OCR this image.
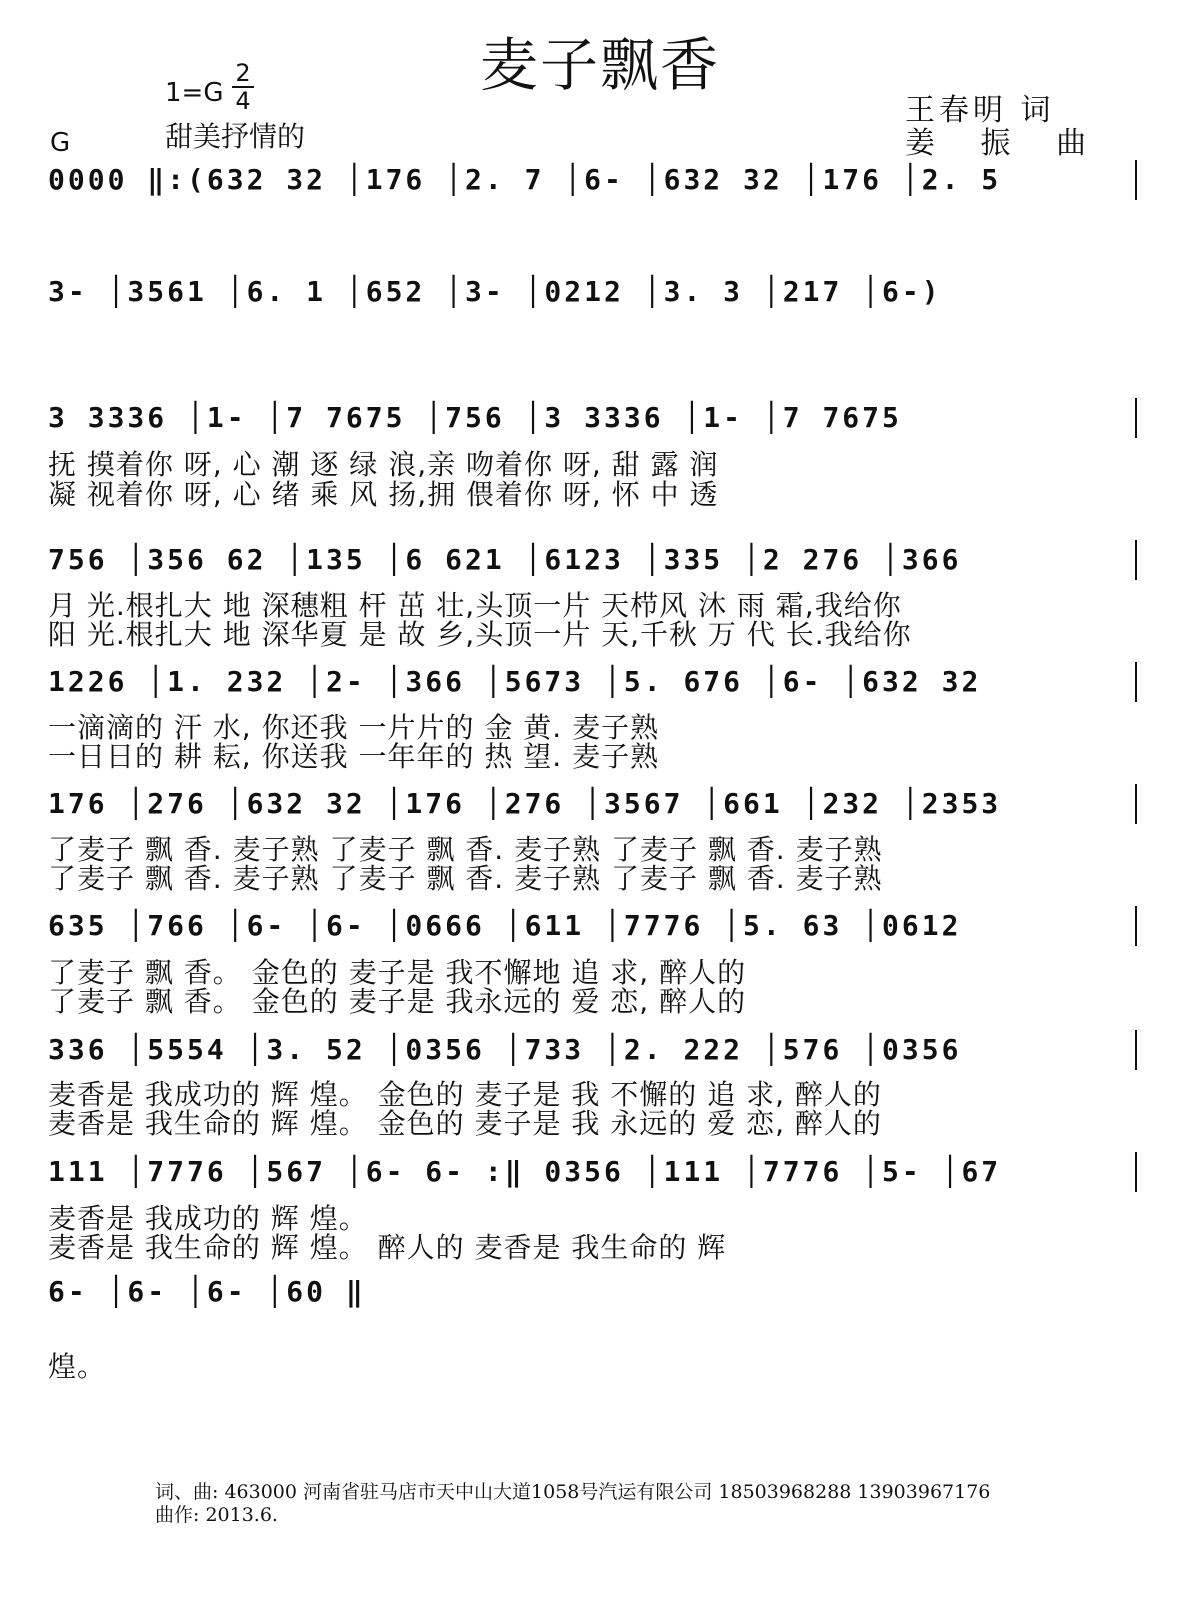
麦子飘香
$1=G \frac{2}{4}$
G	甜美抒情的
王春明 词
姜 振 曲
0000 ‖:(632 32 │176 │2. 7 │6- │632 32 │176 │2. 5
3- │3561 │6. 1 │652 │3- │0212 │3. 3 │217 │6-)
3 3336 │1- │7 7675 │756 │3 3336 │1- │7 7675
抚 摸着你 呀, 心 潮 逐 绿 浪,亲 吻着你 呀, 甜 露 润
凝 视着你 呀, 心 绪 乘 风 扬,拥 偎着你 呀, 怀 中 透
756 │356 62 │135 │6 621 │6123 │335 │2 276 │366
月 光.根扎大 地 深穗粗 杆 茁 壮,头顶一片 天栉风 沐 雨 霜,我给你
阳 光.根扎大 地 深华夏 是 故 乡,头顶一片 天,千秋 万 代 长.我给你
1226 │1. 232 │2- │366 │5673 │5. 676 │6- │632 32
一滴滴的 汗 水, 你还我 一片片的 金 黄. 麦子熟
一日日的 耕 耘, 你送我 一年年的 热 望. 麦子熟
176 │276 │632 32 │176 │276 │3567 │661 │232 │2353
了麦子 飘 香. 麦子熟 了麦子 飘 香. 麦子熟 了麦子 飘 香. 麦子熟
了麦子 飘 香. 麦子熟 了麦子 飘 香. 麦子熟 了麦子 飘 香. 麦子熟
635 │766 │6- │6- │0666 │611 │7776 │5. 63 │0612
了麦子 飘 香。 金色的 麦子是 我不懈地 追 求, 醉人的
了麦子 飘 香。 金色的 麦子是 我永远的 爱 恋, 醉人的
336 │5554 │3. 52 │0356 │733 │2. 222 │576 │0356
麦香是 我成功的 辉 煌。 金色的 麦子是 我 不懈的 追 求, 醉人的
麦香是 我生命的 辉 煌。 金色的 麦子是 我 永远的 爱 恋, 醉人的
111 │7776 │567 │6- 6- :‖ 0356 │111 │7776 │5- │67
麦香是 我成功的 辉 煌。
麦香是 我生命的 辉 煌。 醉人的 麦香是 我生命的 辉
6- │6- │6- │60 ‖
煌。
词、曲: 463000 河南省驻马店市天中山大道1058号汽运有限公司 18503968288 13903967176
曲作: 2013.6.
